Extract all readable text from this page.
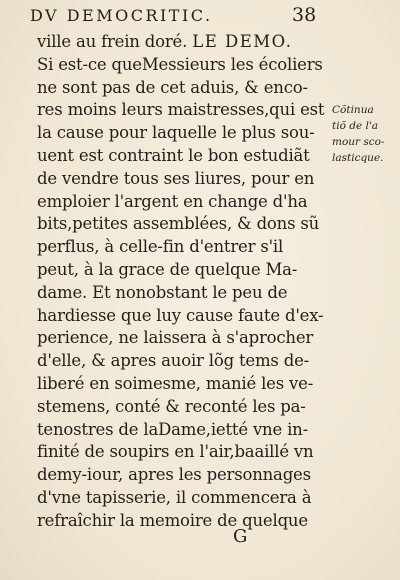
DV DEMOCRITIC.	38
ville au frein doré. LE DEMO.
Si est-ce queMessieurs les écoliers
ne sont pas de cet aduis, & enco-
res moins leurs maistresses,qui est
la cause pour laquelle le plus sou-
uent est contraint le bon estudiãt
de vendre tous ses liures, pour en
emploier l'argent en change d'ha
bits,petites assemblées, & dons sũ
perflus, à celle-fin d'entrer s'il
peut, à la grace de quelque Ma-
dame. Et nonobstant le peu de
hardiesse que luy cause faute d'ex-
perience, ne laissera à s'aprocher
d'elle, & apres auoir lõg tems de-
liberé en soimesme, manié les ve-
stemens, conté & reconté les pa-
tenostres de laDame,ietté vne in-
finité de soupirs en l'air,baaillé vn
demy-iour, apres les personnages
d'vne tapisserie, il commencera à
refraîchir la memoire de quelque
Cõtinua
tiõ de l'a
mour sco-
lasticque.
G
